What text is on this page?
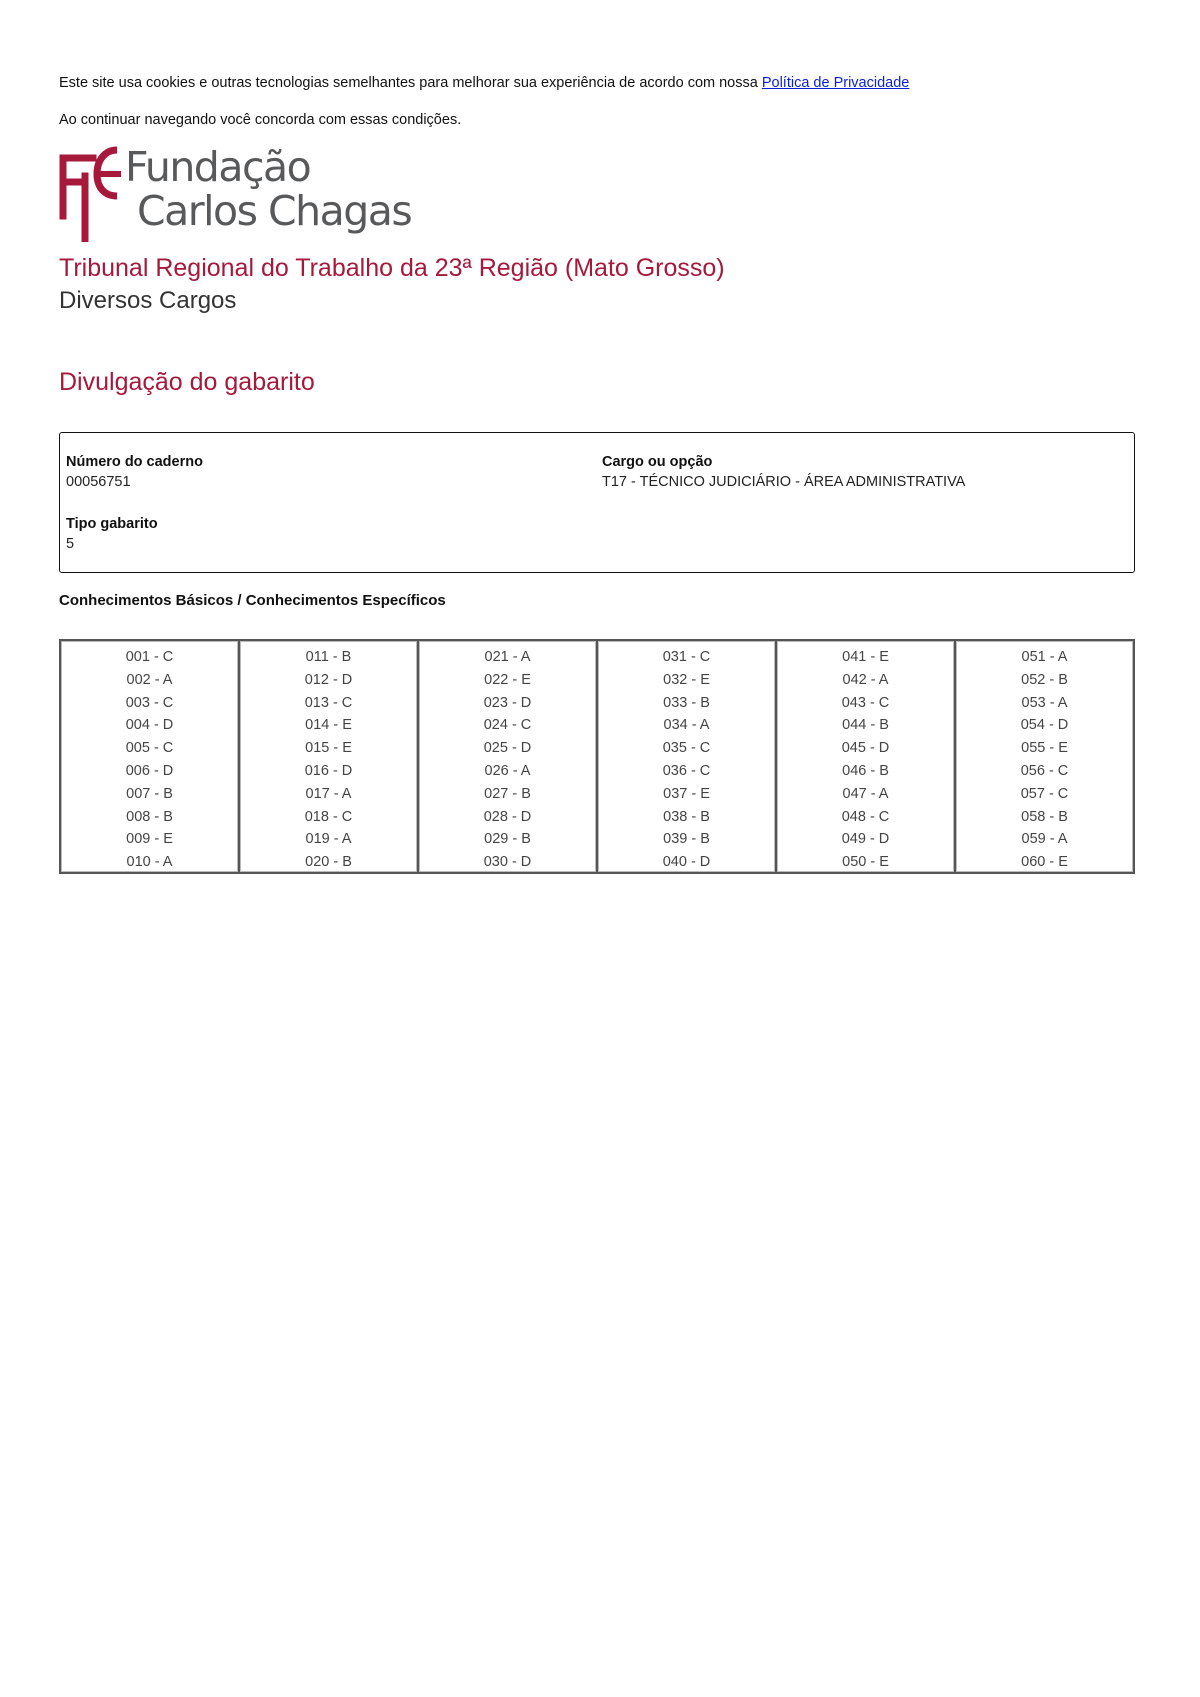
Este site usa cookies e outras tecnologias semelhantes para melhorar sua experiência de acordo com nossa Política de Privacidade
Ao continuar navegando você concorda com essas condições.
Fundação
Carlos Chagas
Tribunal Regional do Trabalho da 23ª Região (Mato Grosso)
Diversos Cargos
Divulgação do gabarito
Número do caderno
00056751
Cargo ou opção
T17 - TÉCNICO JUDICIÁRIO - ÁREA ADMINISTRATIVA
Tipo gabarito
5
Conhecimentos Básicos / Conhecimentos Específicos
001 - C
002 - A
003 - C
004 - D
005 - C
006 - D
007 - B
008 - B
009 - E
010 - A
011 - B
012 - D
013 - C
014 - E
015 - E
016 - D
017 - A
018 - C
019 - A
020 - B
021 - A
022 - E
023 - D
024 - C
025 - D
026 - A
027 - B
028 - D
029 - B
030 - D
031 - C
032 - E
033 - B
034 - A
035 - C
036 - C
037 - E
038 - B
039 - B
040 - D
041 - E
042 - A
043 - C
044 - B
045 - D
046 - B
047 - A
048 - C
049 - D
050 - E
051 - A
052 - B
053 - A
054 - D
055 - E
056 - C
057 - C
058 - B
059 - A
060 - E
